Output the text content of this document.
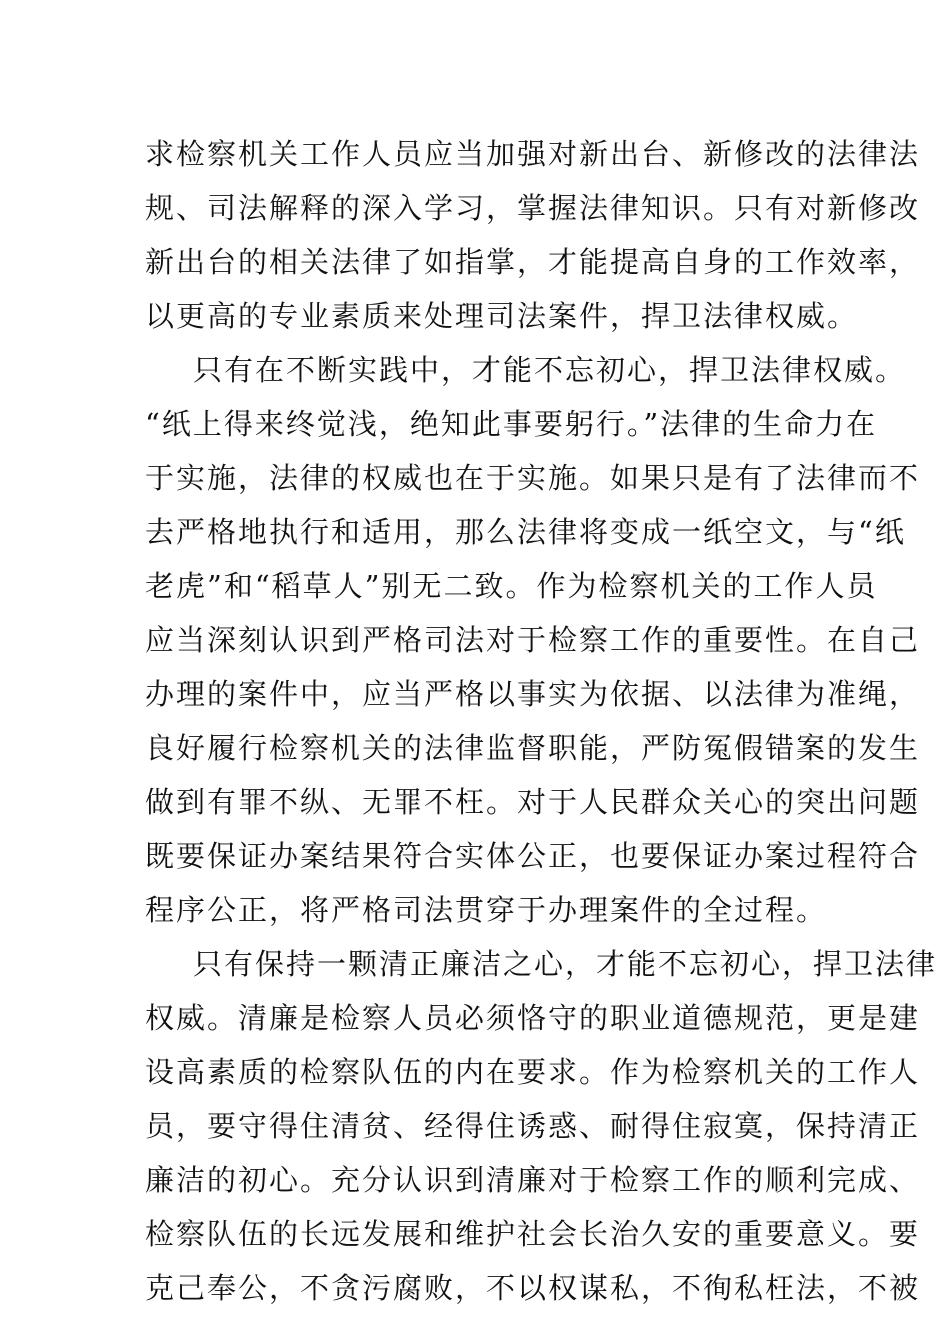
求检察机关工作人员应当加强对新出台、新修改的法律法
规、司法解释的深入学习，掌握法律知识。只有对新修改
新出台的相关法律了如指掌，才能提高自身的工作效率，
以更高的专业素质来处理司法案件，捍卫法律权威。
只有在不断实践中，才能不忘初心，捍卫法律权威。
“纸上得来终觉浅，绝知此事要躬行。”法律的生命力在
于实施，法律的权威也在于实施。如果只是有了法律而不
去严格地执行和适用，那么法律将变成一纸空文，与“纸
老虎”和“稻草人”别无二致。作为检察机关的工作人员
应当深刻认识到严格司法对于检察工作的重要性。在自己
办理的案件中，应当严格以事实为依据、以法律为准绳，
良好履行检察机关的法律监督职能，严防冤假错案的发生
做到有罪不纵、无罪不枉。对于人民群众关心的突出问题
既要保证办案结果符合实体公正，也要保证办案过程符合
程序公正，将严格司法贯穿于办理案件的全过程。
只有保持一颗清正廉洁之心，才能不忘初心，捍卫法律
权威。清廉是检察人员必须恪守的职业道德规范，更是建
设高素质的检察队伍的内在要求。作为检察机关的工作人
员，要守得住清贫、经得住诱惑、耐得住寂寞，保持清正
廉洁的初心。充分认识到清廉对于检察工作的顺利完成、
检察队伍的长远发展和维护社会长治久安的重要意义。要
克己奉公，不贪污腐败，不以权谋私，不徇私枉法，不被
